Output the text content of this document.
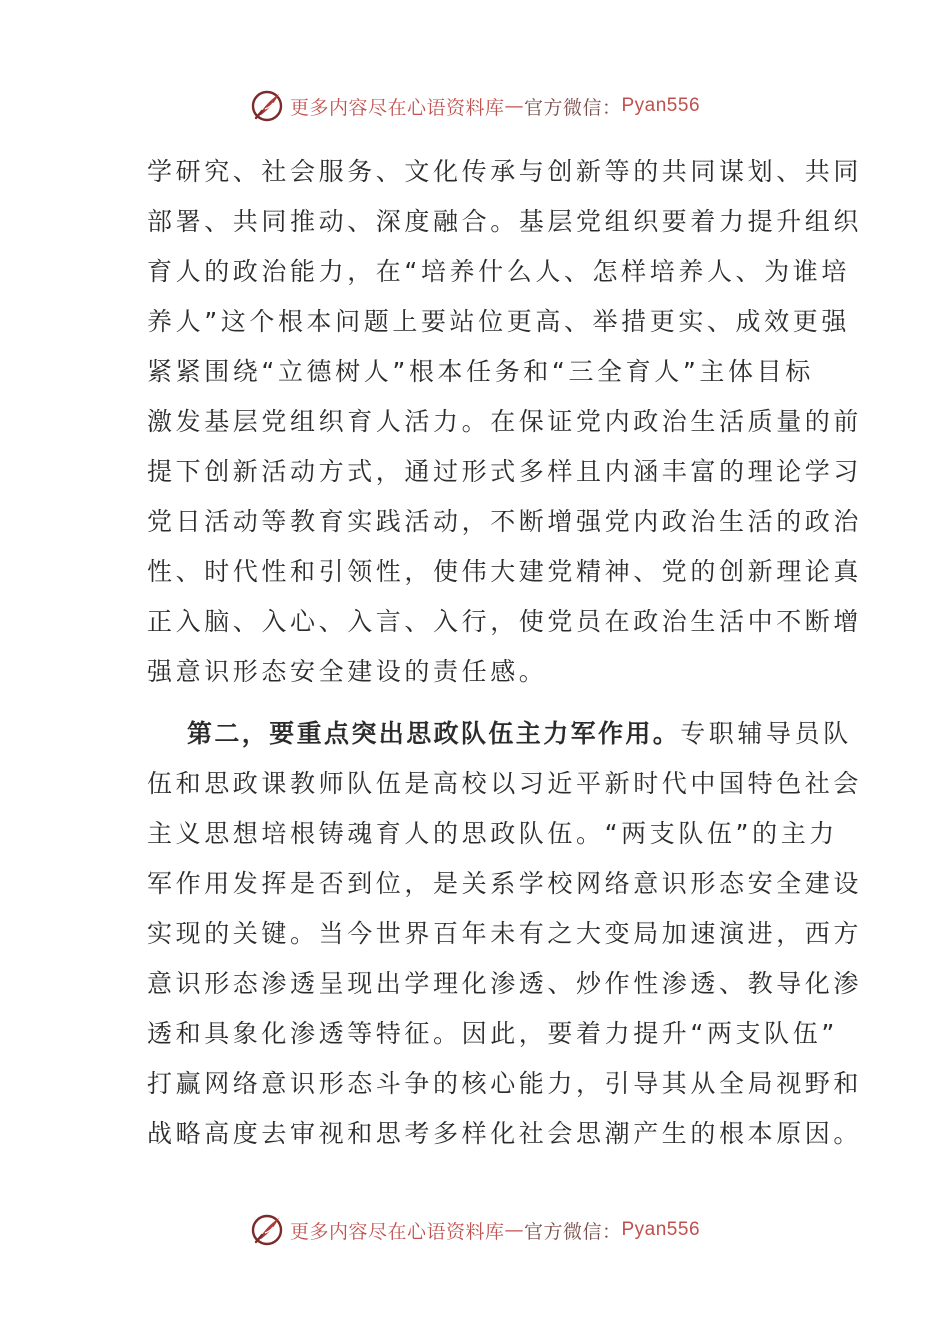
更多内容尽在心语资料库 — 官方微信： Pyan556
学研究、社会服务、文化传承与创新等的共同谋划、共同
部署、共同推动、深度融合。基层党组织要着力提升组织
育人的政治能力，在“培养什么人、怎样培养人、为谁培
养人”这个根本问题上要站位更高、举措更实、成效更强
紧紧围绕“立德树人”根本任务和“三全育人”主体目标
激发基层党组织育人活力。在保证党内政治生活质量的前
提下创新活动方式，通过形式多样且内涵丰富的理论学习
党日活动等教育实践活动，不断增强党内政治生活的政治
性、时代性和引领性，使伟大建党精神、党的创新理论真
正入脑、入心、入言、入行，使党员在政治生活中不断增
强意识形态安全建设的责任感。
第二，要重点突出思政队伍主力军作用。专职辅导员队
伍和思政课教师队伍是高校以习近平新时代中国特色社会
主义思想培根铸魂育人的思政队伍。“两支队伍”的主力
军作用发挥是否到位，是关系学校网络意识形态安全建设
实现的关键。当今世界百年未有之大变局加速演进，西方
意识形态渗透呈现出学理化渗透、炒作性渗透、教导化渗
透和具象化渗透等特征。因此，要着力提升“两支队伍”
打赢网络意识形态斗争的核心能力，引导其从全局视野和
战略高度去审视和思考多样化社会思潮产生的根本原因。
更多内容尽在心语资料库 — 官方微信： Pyan556
